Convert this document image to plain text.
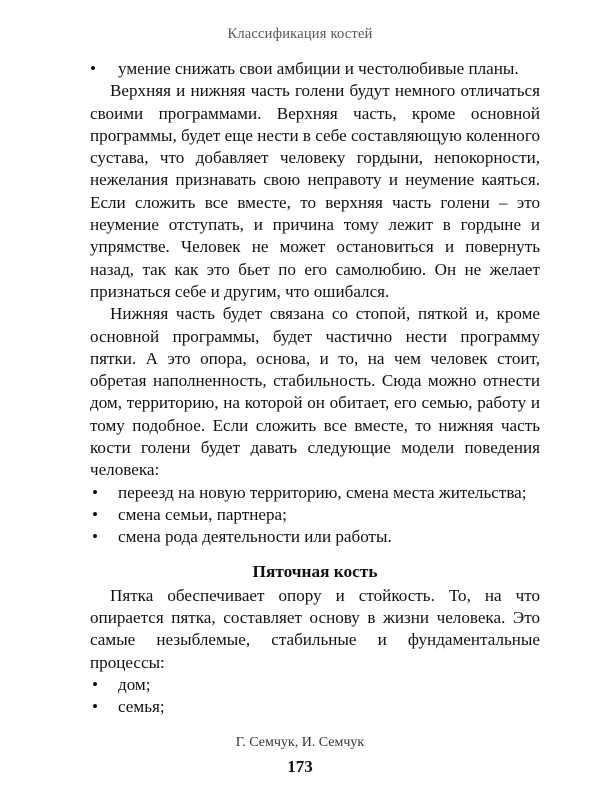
Классификация костей
•	умение снижать свои амбиции и честолюбивые планы.

Верхняя и нижняя часть голени будут немного отличаться своими программами. Верхняя часть, кроме основной программы, будет еще нести в себе составляющую коленного сустава, что добавляет человеку гордыни, непокорности, нежелания признавать свою неправоту и неумение каяться. Если сложить все вместе, то верхняя часть голени – это неумение отступать, и причина тому лежит в гордыне и упрямстве. Человек не может остановиться и повернуть назад, так как это бьет по его самолюбию. Он не желает признаться себе и другим, что ошибался.

Нижняя часть будет связана со стопой, пяткой и, кроме основной программы, будет частично нести программу пятки. А это опора, основа, и то, на чем человек стоит, обретая наполненность, стабильность. Сюда можно отнести дом, территорию, на которой он обитает, его семью, работу и тому подобное. Если сложить все вместе, то нижняя часть кости голени будет давать следующие модели поведения человека:

•	переезд на новую территорию, смена места жительства;
•	смена семьи, партнера;
•	смена рода деятельности или работы.
Пяточная кость

Пятка обеспечивает опору и стойкость. То, на что опирается пятка, составляет основу в жизни человека. Это самые незыблемые, стабильные и фундаментальные процессы:

•	дом;
•	семья;
Г. Семчук, И. Семчук
173
